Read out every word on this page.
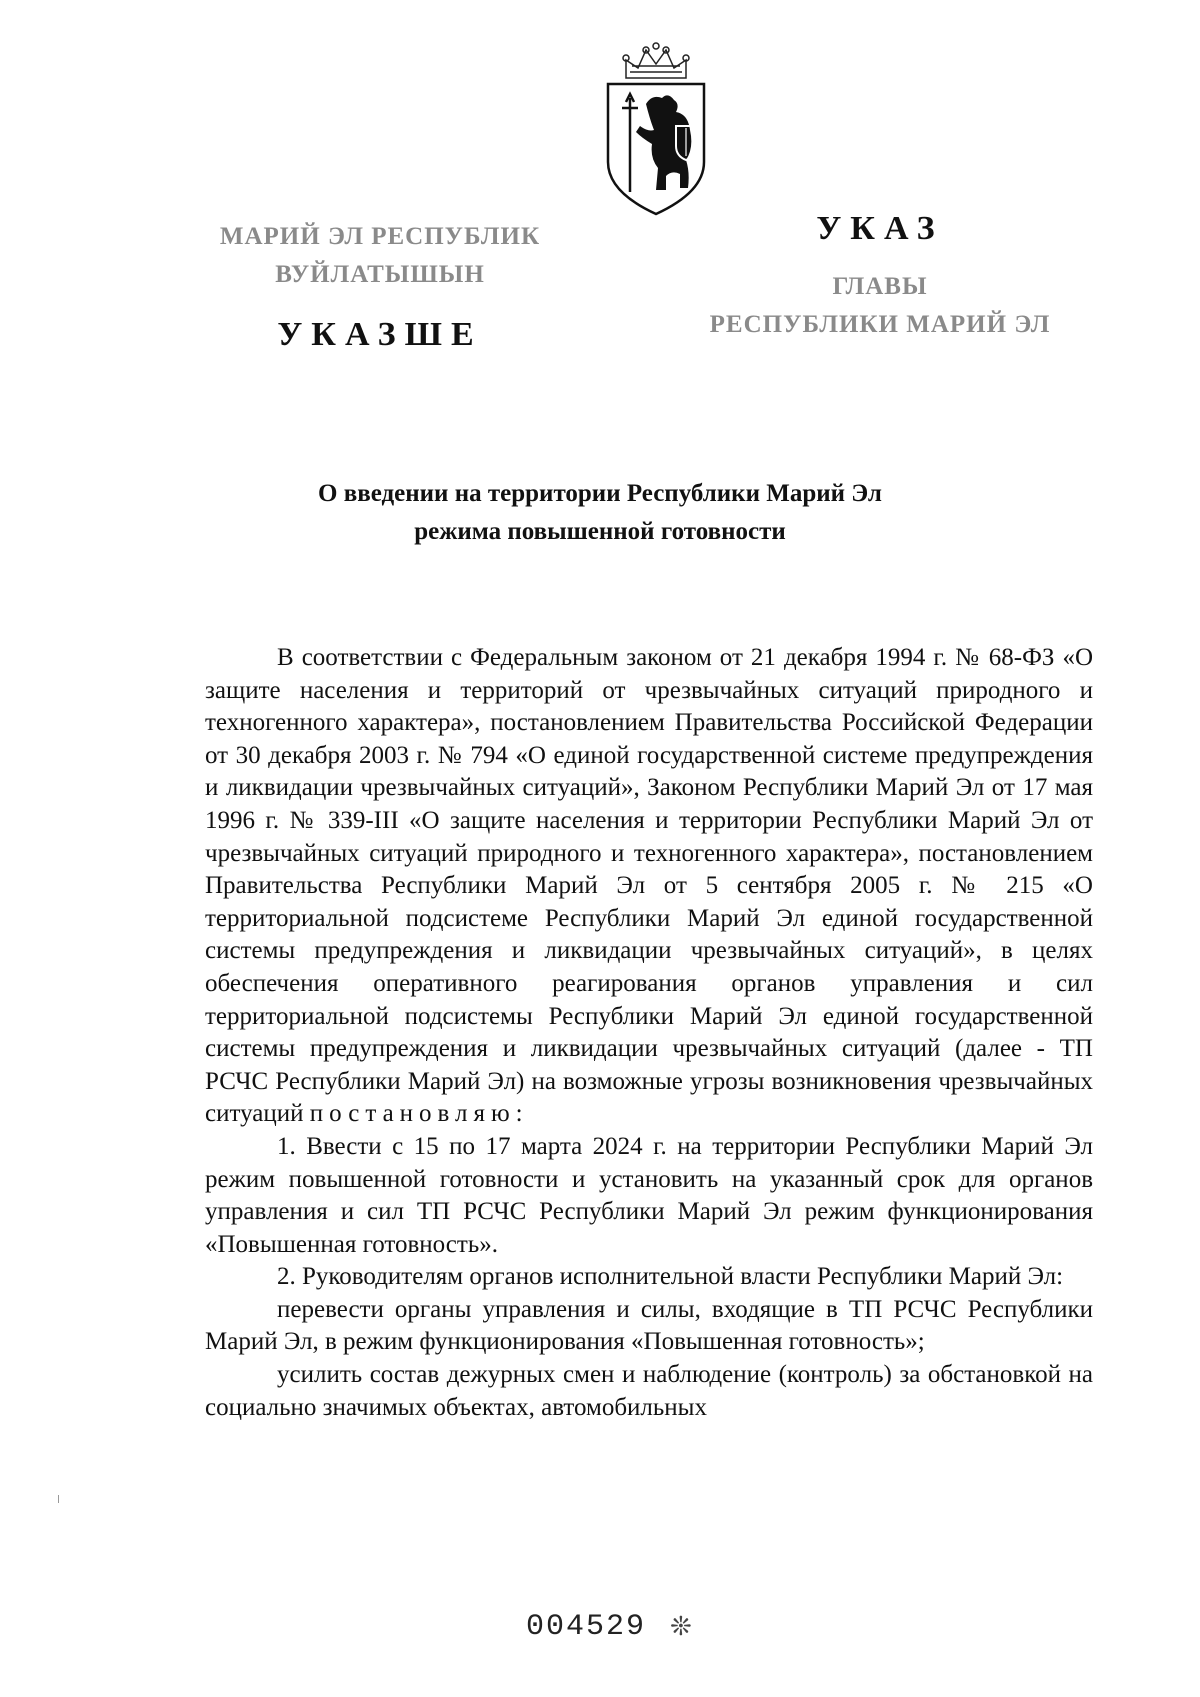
МАРИЙ ЭЛ РЕСПУБЛИК
ВУЙЛАТЫШЫН
УКАЗШЕ
УКАЗ
ГЛАВЫ
РЕСПУБЛИКИ МАРИЙ ЭЛ
О введении на территории Республики Марий Эл
режима повышенной готовности

В соответствии с Федеральным законом от 21 декабря 1994 г. № 68-ФЗ «О защите населения и территорий от чрезвычайных ситуаций природного и техногенного характера», постановлением Правительства Российской Федерации от 30 декабря 2003 г. № 794 «О единой государственной системе предупреждения и ликвидации чрезвычайных ситуаций», Законом Республики Марий Эл от 17 мая 1996 г. № 339-III «О защите населения и территории Республики Марий Эл от чрезвычайных ситуаций природного и техногенного характера», постановлением Правительства Республики Марий Эл от 5 сентября 2005 г. № 215 «О территориальной подсистеме Республики Марий Эл единой государственной системы предупреждения и ликвидации чрезвычайных ситуаций», в целях обеспечения оперативного реагирования органов управления и сил территориальной подсистемы Республики Марий Эл единой государственной системы предупреждения и ликвидации чрезвычайных ситуаций (далее - ТП РСЧС Республики Марий Эл) на возможные угрозы возникновения чрезвычайных ситуаций постановляю:

1. Ввести с 15 по 17 марта 2024 г. на территории Республики Марий Эл режим повышенной готовности и установить на указанный срок для органов управления и сил ТП РСЧС Республики Марий Эл режим функционирования «Повышенная готовность».

2. Руководителям органов исполнительной власти Республики Марий Эл:

перевести органы управления и силы, входящие в ТП РСЧС Республики Марий Эл, в режим функционирования «Повышенная готовность»;

усилить состав дежурных смен и наблюдение (контроль) за обстановкой на социально значимых объектах, автомобильных

004529 ❊
